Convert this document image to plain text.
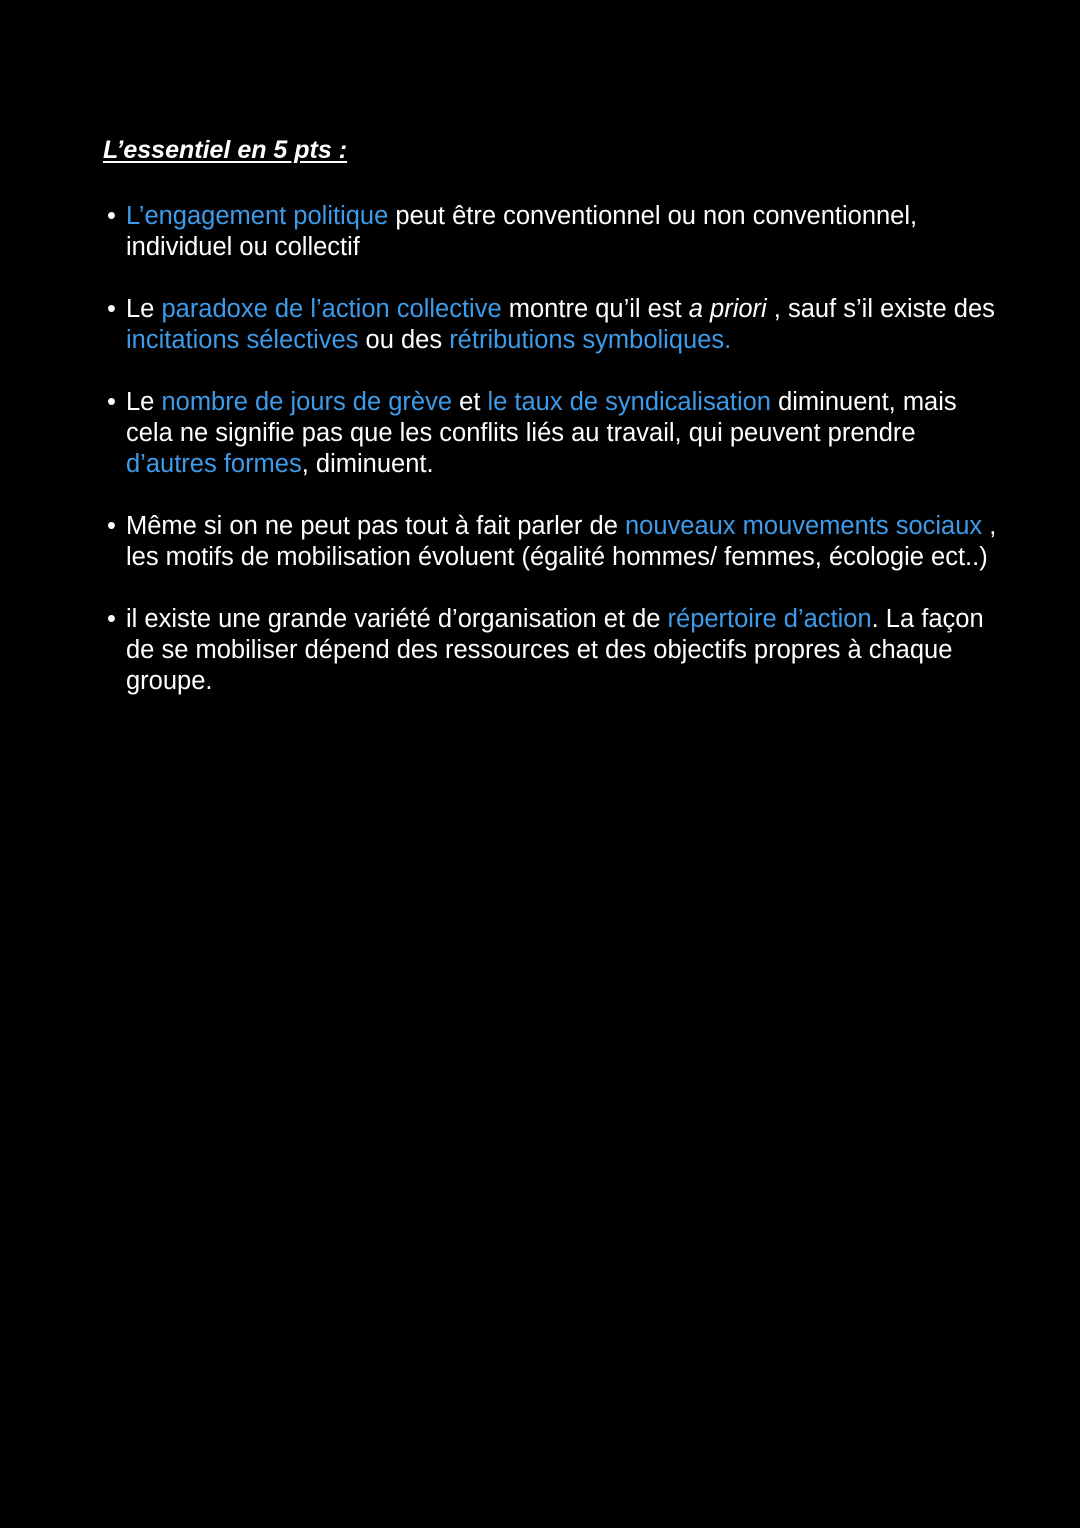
L’essentiel en 5 pts :
• L’engagement politique peut être conventionnel ou non conventionnel, individuel ou collectif
• Le paradoxe de l’action collective montre qu’il est a priori , sauf s’il existe des incitations sélectives ou des rétributions symboliques.
• Le nombre de jours de grève et le taux de syndicalisation diminuent, mais cela ne signifie pas que les conflits liés au travail, qui peuvent prendre d’autres formes, diminuent.
• Même si on ne peut pas tout à fait parler de nouveaux mouvements sociaux , les motifs de mobilisation évoluent (égalité hommes/ femmes, écologie ect..)
• il existe une grande variété d’organisation et de répertoire d’action. La façon de se mobiliser dépend des ressources et des objectifs propres à chaque groupe.
